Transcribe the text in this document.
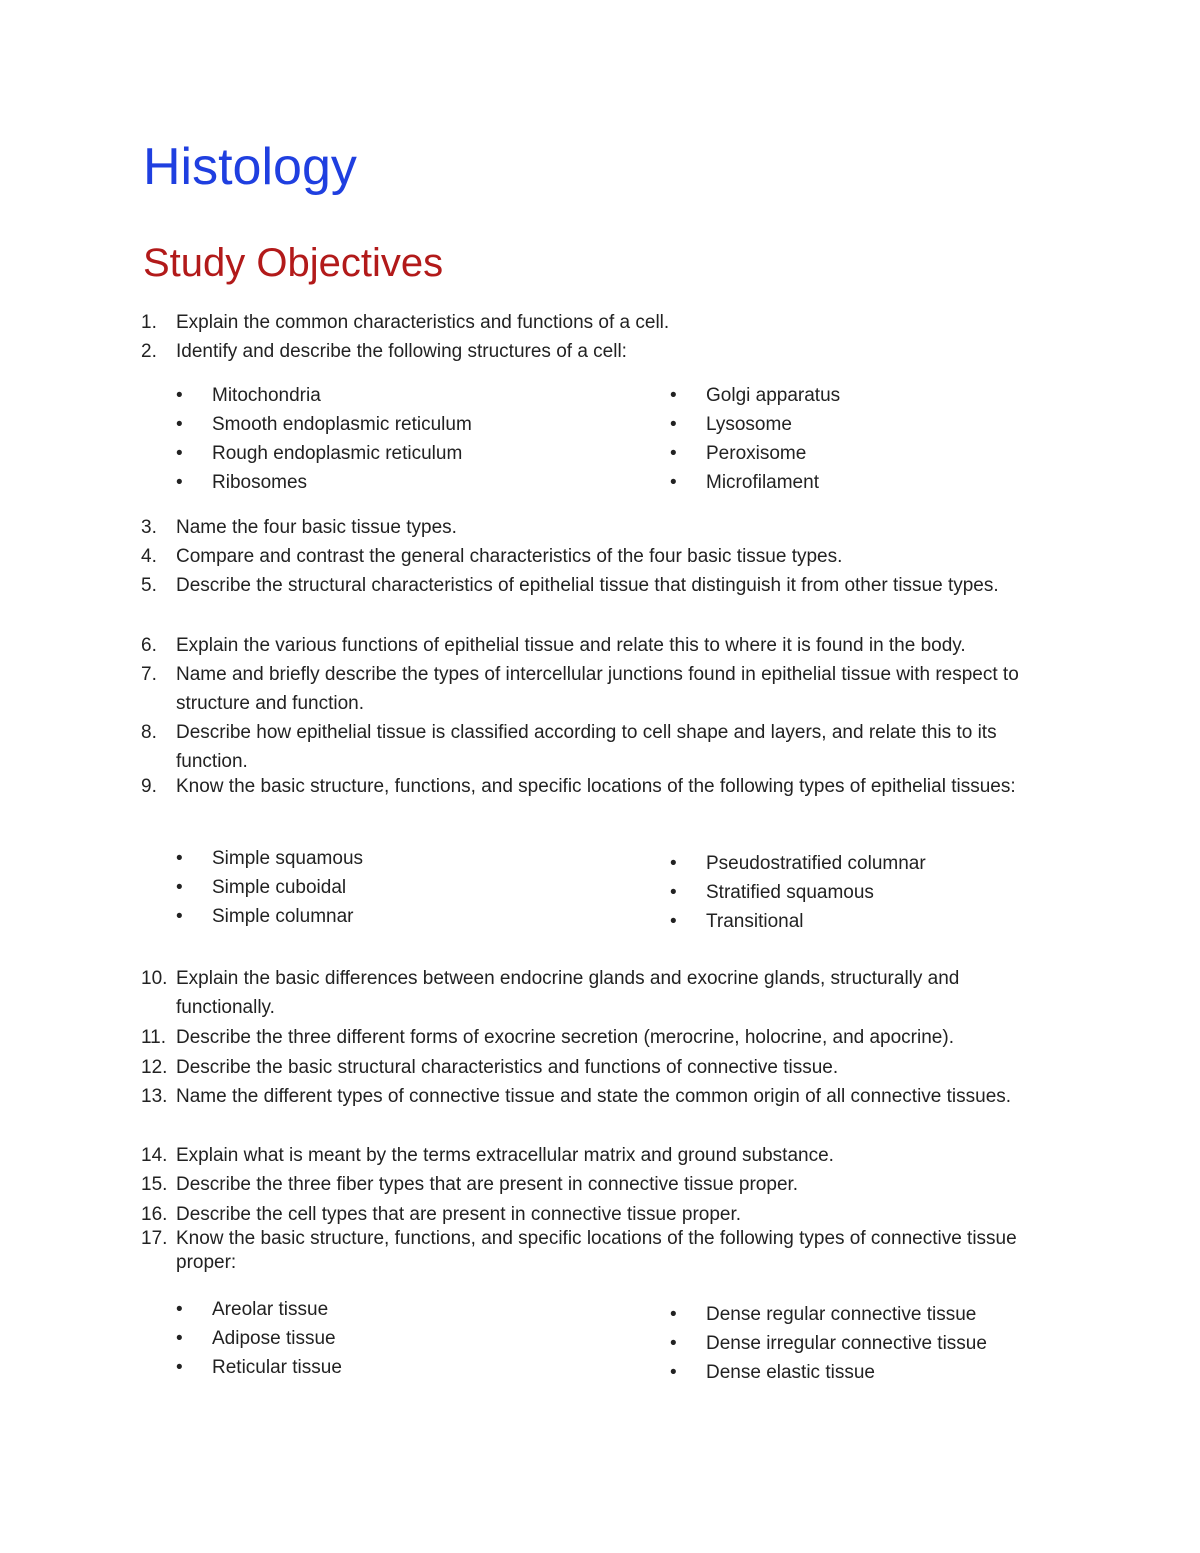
Histology
Study Objectives
1.	Explain the common characteristics and functions of a cell.
2.	Identify and describe the following structures of a cell:
• Mitochondria
• Smooth endoplasmic reticulum
• Rough endoplasmic reticulum
• Ribosomes
• Golgi apparatus
• Lysosome
• Peroxisome
• Microfilament
3.	Name the four basic tissue types.
4.	Compare and contrast the general characteristics of the four basic tissue types.
5.	Describe the structural characteristics of epithelial tissue that distinguish it from other tissue types.
6.	Explain the various functions of epithelial tissue and relate this to where it is found in the body.
7.	Name and briefly describe the types of intercellular junctions found in epithelial tissue with respect to structure and function.
8.	Describe how epithelial tissue is classified according to cell shape and layers, and relate this to its function.
9.	Know the basic structure, functions, and specific locations of the following types of epithelial tissues:
• Simple squamous
• Simple cuboidal
• Simple columnar
• Pseudostratified columnar
• Stratified squamous
• Transitional
10. Explain the basic differences between endocrine glands and exocrine glands, structurally and functionally.
11. Describe the three different forms of exocrine secretion (merocrine, holocrine, and apocrine).
12. Describe the basic structural characteristics and functions of connective tissue.
13. Name the different types of connective tissue and state the common origin of all connective tissues.
14. Explain what is meant by the terms extracellular matrix and ground substance.
15. Describe the three fiber types that are present in connective tissue proper.
16. Describe the cell types that are present in connective tissue proper.
17. Know the basic structure, functions, and specific locations of the following types of connective tissue proper:
• Areolar tissue
• Adipose tissue
• Reticular tissue
• Dense regular connective tissue
• Dense irregular connective tissue
• Dense elastic tissue
